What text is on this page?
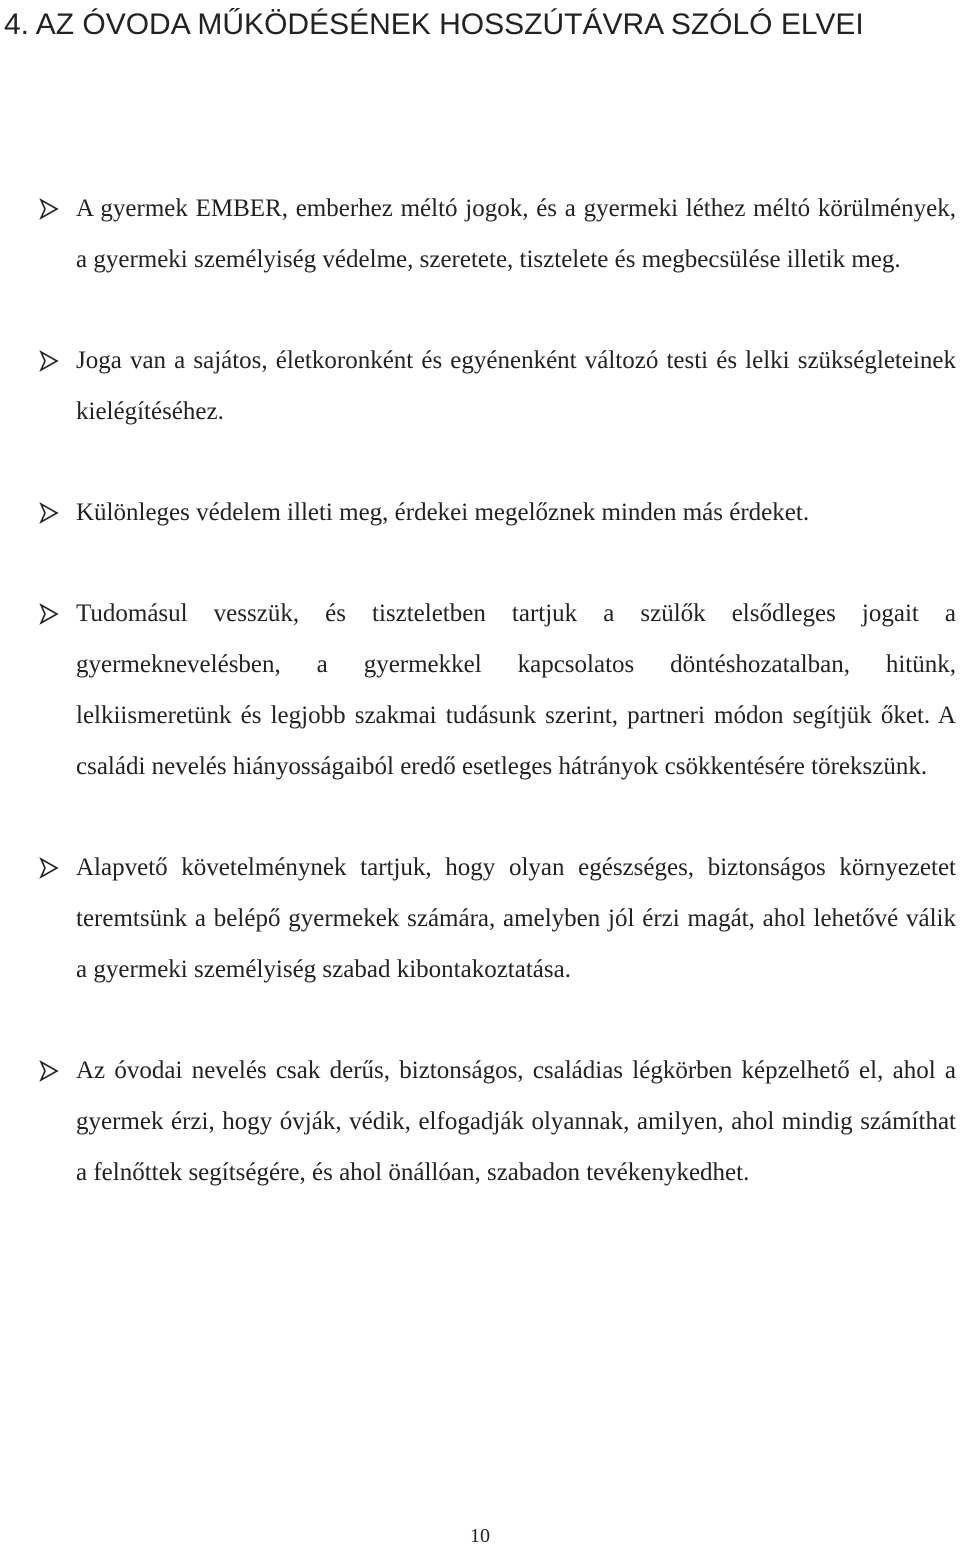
4. AZ ÓVODA MŰKÖDÉSÉNEK HOSSZÚTÁVRA SZÓLÓ ELVEI
A gyermek EMBER, emberhez méltó jogok, és a gyermeki léthez méltó körülmények, a gyermeki személyiség védelme, szeretete, tisztelete és megbecsülése illetik meg.
Joga van a sajátos, életkoronként és egyénenként változó testi és lelki szükségleteinek kielégítéséhez.
Különleges védelem illeti meg, érdekei megelőznek minden más érdeket.
Tudomásul vesszük, és tiszteletben tartjuk a szülők elsődleges jogait a gyermeknevelésben, a gyermekkel kapcsolatos döntéshozatalban, hitünk, lelkiismeretünk és legjobb szakmai tudásunk szerint, partneri módon segítjük őket. A családi nevelés hiányosságaiból eredő esetleges hátrányok csökkentésére törekszünk.
Alapvető követelménynek tartjuk, hogy olyan egészséges, biztonságos környezetet teremtsünk a belépő gyermekek számára, amelyben jól érzi magát, ahol lehetővé válik a gyermeki személyiség szabad kibontakoztatása.
Az óvodai nevelés csak derűs, biztonságos, családias légkörben képzelhető el, ahol a gyermek érzi, hogy óvják, védik, elfogadják olyannak, amilyen, ahol mindig számíthat a felnőttek segítségére, és ahol önállóan, szabadon tevékenykedhet.
10
